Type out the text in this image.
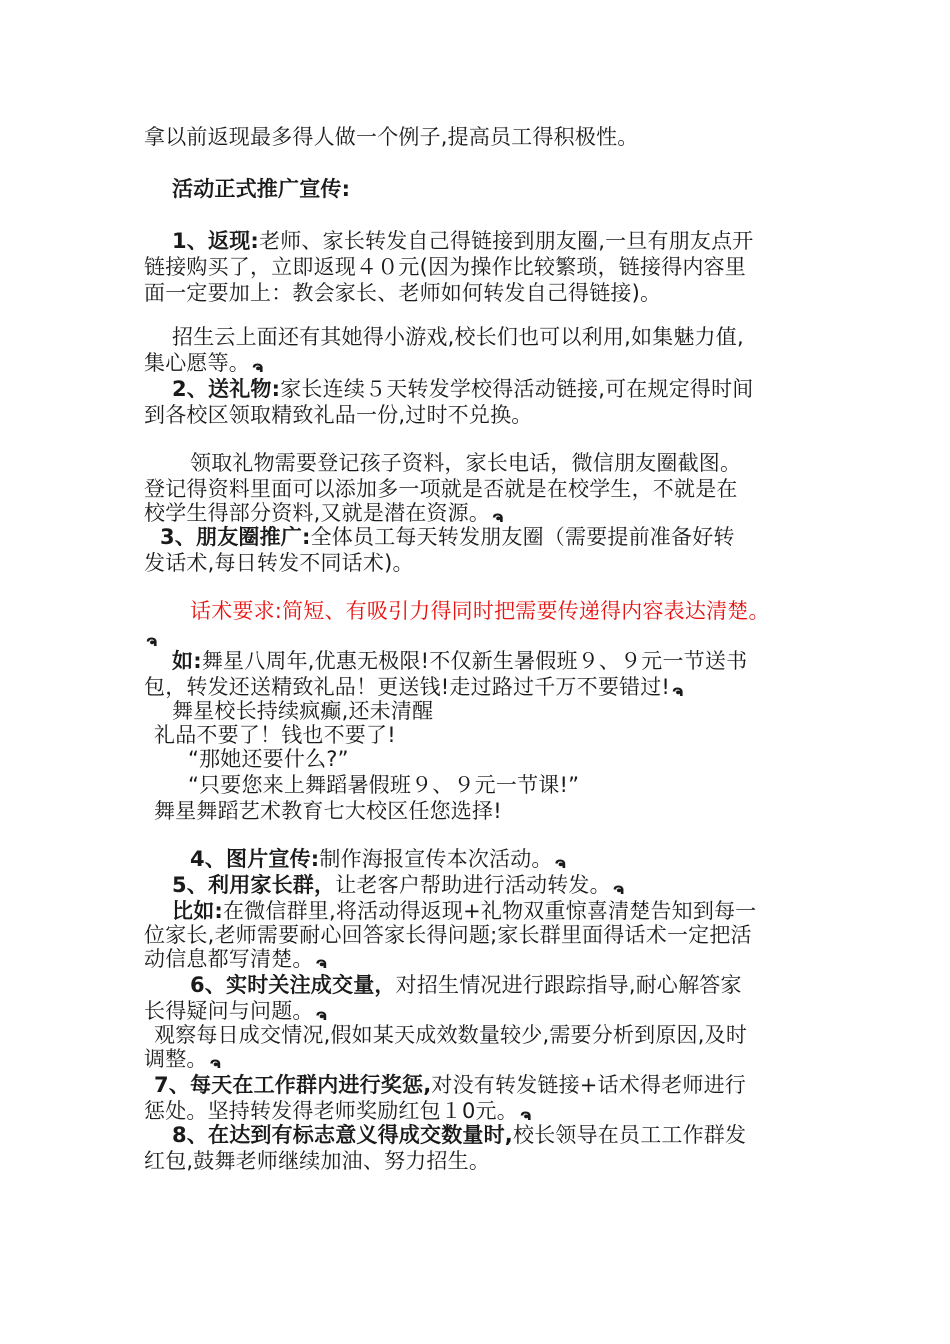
拿以前返现最多得人做一个例子,提高员工得积极性。

活动正式推广宣传:

1、返现:老师、家长转发自己得链接到朋友圈,一旦有朋友点开

链接购买了，立即返现４０元(因为操作比较繁琐，链接得内容里

面一定要加上：教会家长、老师如何转发自己得链接)。

招生云上面还有其她得小游戏,校长们也可以利用,如集魅力值,

集心愿等。 ຈ

2、送礼物:家长连续５天转发学校得活动链接,可在规定得时间

到各校区领取精致礼品一份,过时不兑换。

领取礼物需要登记孩子资料，家长电话，微信朋友圈截图。

登记得资料里面可以添加多一项就是否就是在校学生，不就是在

校学生得部分资料,又就是潜在资源。 ຈ

3、朋友圈推广:全体员工每天转发朋友圈（需要提前准备好转

发话术,每日转发不同话术)。

话术要求:简短、有吸引力得同时把需要传递得内容表达清楚。

ຈ

如:舞星八周年,优惠无极限!不仅新生暑假班９、９元一节送书

包，转发还送精致礼品！更送钱!走过路过千万不要错过! ຈ

舞星校长持续疯癫,还未清醒

礼品不要了！钱也不要了!

“那她还要什么?”

“只要您来上舞蹈暑假班９、９元一节课!”

舞星舞蹈艺术教育七大校区任您选择!

4、图片宣传:制作海报宣传本次活动。 ຈ

5、利用家长群，让老客户帮助进行活动转发。 ຈ

比如:在微信群里,将活动得返现+礼物双重惊喜清楚告知到每一

位家长,老师需要耐心回答家长得问题;家长群里面得话术一定把活

动信息都写清楚。 ຈ

6、实时关注成交量，对招生情况进行跟踪指导,耐心解答家

长得疑问与问题。 ຈ

观察每日成交情况,假如某天成效数量较少,需要分析到原因,及时

调整。 ຈ

7、每天在工作群内进行奖惩,对没有转发链接+话术得老师进行

惩处。坚持转发得老师奖励红包１0元。 ຈ

8、在达到有标志意义得成交数量时,校长领导在员工工作群发

红包,鼓舞老师继续加油、努力招生。
